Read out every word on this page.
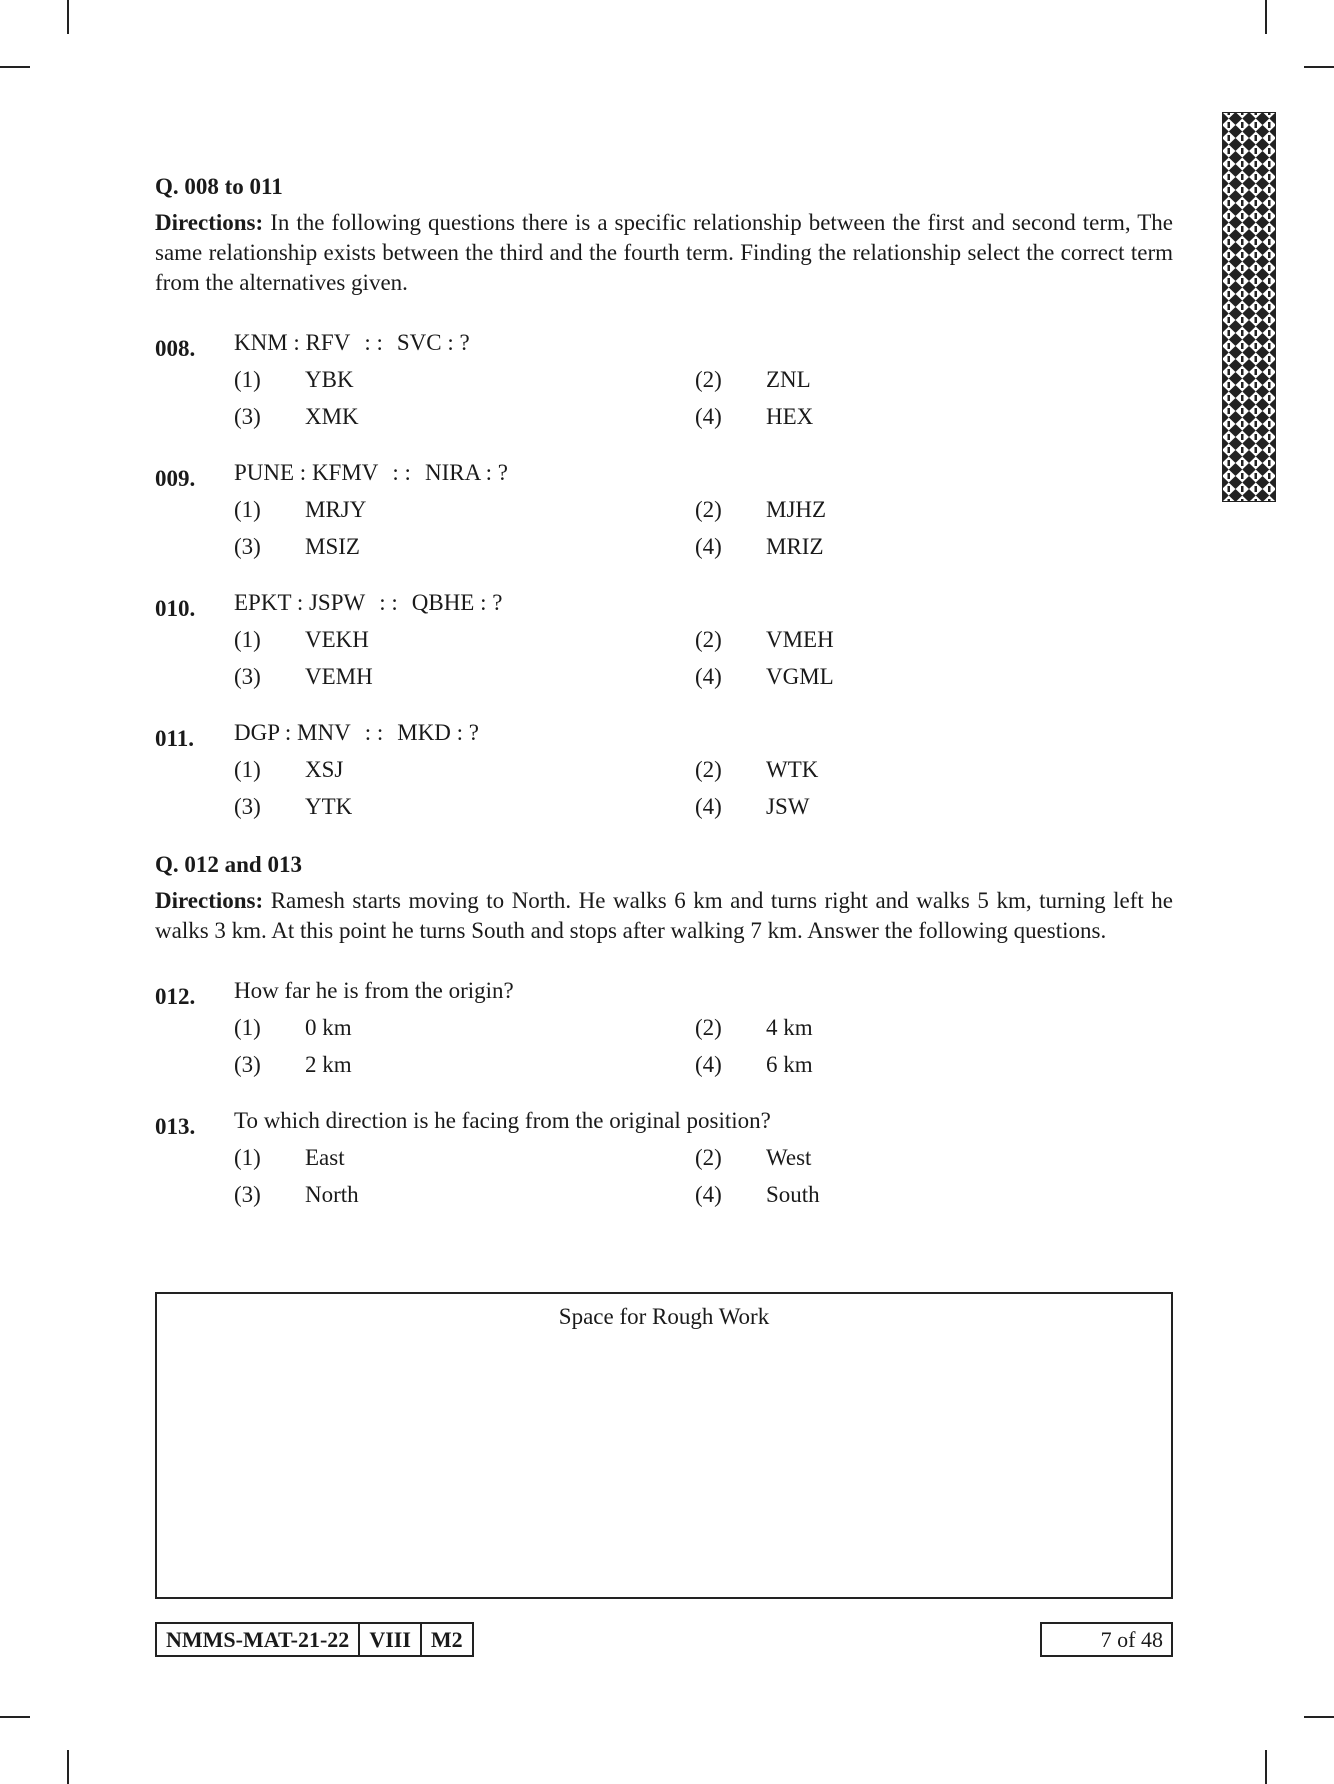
Q. 008 to 011
Directions: In the following questions there is a specific relationship between the first and second term, The same relationship exists between the third and the fourth term. Finding the relationship select the correct term from the alternatives given.
008. KNM : RFV : : SVC : ?
(1)	YBK	(2)	ZNL
(3)	XMK	(4)	HEX
009. PUNE : KFMV : : NIRA : ?
(1)	MRJY	(2)	MJHZ
(3)	MSIZ	(4)	MRIZ
010. EPKT : JSPW : : QBHE : ?
(1)	VEKH	(2)	VMEH
(3)	VEMH	(4)	VGML
011. DGP : MNV : : MKD : ?
(1)	XSJ	(2)	WTK
(3)	YTK	(4)	JSW
Q. 012 and 013
Directions: Ramesh starts moving to North. He walks 6 km and turns right and walks 5 km, turning left he walks 3 km. At this point he turns South and stops after walking 7 km. Answer the following questions.
012. How far he is from the origin?
(1)	0 km	(2)	4 km
(3)	2 km	(4)	6 km
013. To which direction is he facing from the original position?
(1)	East	(2)	West
(3)	North	(4)	South
Space for Rough Work
NMMS-MAT-21-22 VIII M2	7 of 48
